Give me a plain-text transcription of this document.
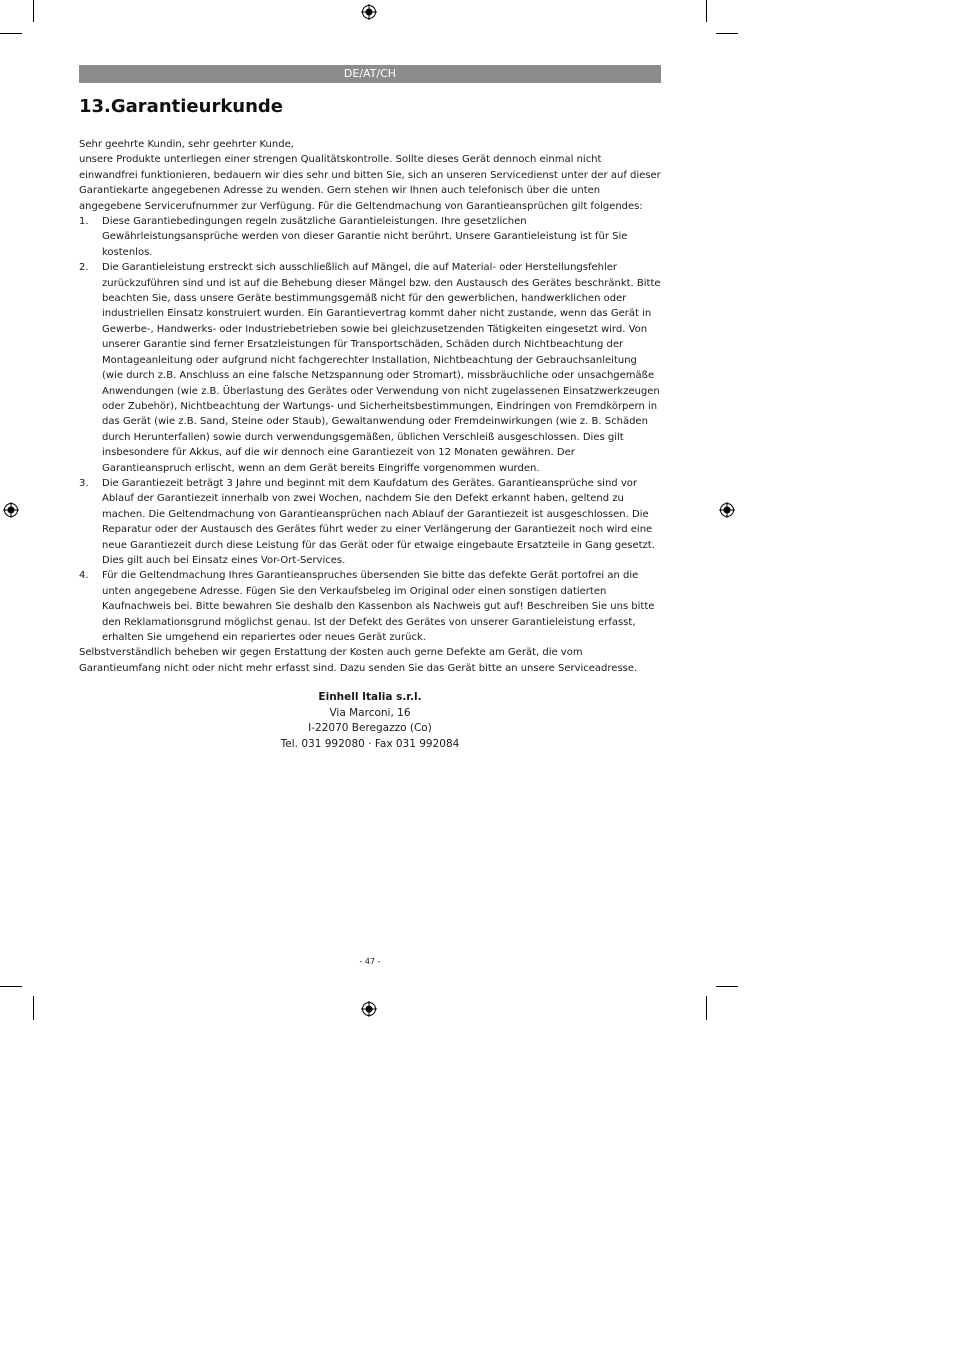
DE/AT/CH
13.Garantieurkunde

Sehr geehrte Kundin, sehr geehrter Kunde,

unsere Produkte unterliegen einer strengen Qualitätskontrolle. Sollte dieses Gerät dennoch einmal nicht einwandfrei funktionieren, bedauern wir dies sehr und bitten Sie, sich an unseren Servicedienst unter der auf dieser Garantiekarte angegebenen Adresse zu wenden. Gern stehen wir Ihnen auch telefonisch über die unten angegebene Servicerufnummer zur Verfügung. Für die Geltendmachung von Garantieansprüchen gilt folgendes:

1. Diese Garantiebedingungen regeln zusätzliche Garantieleistungen. Ihre gesetzlichen Gewährleistungsansprüche werden von dieser Garantie nicht berührt. Unsere Garantieleistung ist für Sie
kostenlos.
2. Die Garantieleistung erstreckt sich ausschließlich auf Mängel, die auf Material- oder Herstellungsfehler zurückzuführen sind und ist auf die Behebung dieser Mängel bzw. den Austausch des Gerätes beschränkt. Bitte beachten Sie, dass unsere Geräte bestimmungsgemäß nicht für den gewerblichen, handwerklichen oder industriellen Einsatz konstruiert wurden. Ein Garantievertrag kommt daher nicht zustande, wenn das Gerät in Gewerbe-, Handwerks- oder Industriebetrieben sowie bei gleichzusetzenden Tätigkeiten eingesetzt wird. Von unserer Garantie sind ferner Ersatzleistungen für Transportschäden, Schäden durch Nichtbeachtung der Montageanleitung oder aufgrund nicht fachgerechter Installation, Nichtbeachtung der Gebrauchsanleitung (wie durch z.B. Anschluss an eine falsche Netzspannung oder Stromart), missbräuchliche oder unsachgemäße Anwendungen (wie z.B. Überlastung des Gerätes oder Verwendung von nicht zugelassenen Einsatzwerkzeugen oder Zubehör), Nichtbeachtung der Wartungs- und Sicherheitsbestimmungen, Eindringen von Fremdkörpern in das Gerät (wie z.B. Sand, Steine oder Staub), Gewaltanwendung oder Fremdeinwirkungen (wie z. B. Schäden durch Herunterfallen) sowie durch verwendungsgemäßen, üblichen Verschleiß ausgeschlossen. Dies gilt insbesondere für Akkus, auf die wir dennoch eine Garantiezeit von 12 Monaten gewähren. Der Garantieanspruch erlischt, wenn an dem Gerät bereits Eingriffe vorgenommen wurden.
3. Die Garantiezeit beträgt 3 Jahre und beginnt mit dem Kaufdatum des Gerätes. Garantieansprüche sind vor Ablauf der Garantiezeit innerhalb von zwei Wochen, nachdem Sie den Defekt erkannt haben, geltend zu machen. Die Geltendmachung von Garantieansprüchen nach Ablauf der Garantiezeit ist ausgeschlossen. Die Reparatur oder der Austausch des Gerätes führt weder zu einer Verlängerung der Garantiezeit noch wird eine neue Garantiezeit durch diese Leistung für das Gerät oder für etwaige eingebaute Ersatzteile in Gang gesetzt. Dies gilt auch bei Einsatz eines Vor-Ort-Services.
4. Für die Geltendmachung Ihres Garantieanspruches übersenden Sie bitte das defekte Gerät portofrei an die unten angegebene Adresse. Fügen Sie den Verkaufsbeleg im Original oder einen sonstigen datierten Kaufnachweis bei. Bitte bewahren Sie deshalb den Kassenbon als Nachweis gut auf! Beschreiben Sie uns bitte den Reklamationsgrund möglichst genau. Ist der Defekt des Gerätes von unserer Garantieleistung erfasst, erhalten Sie umgehend ein repariertes oder neues Gerät zurück.

Selbstverständlich beheben wir gegen Erstattung der Kosten auch gerne Defekte am Gerät, die vom Garantieumfang nicht oder nicht mehr erfasst sind. Dazu senden Sie das Gerät bitte an unsere Serviceadresse.

Einhell Italia s.r.l.
Via Marconi, 16
I-22070 Beregazzo (Co)
Tel. 031 992080 · Fax 031 992084
- 47 -
